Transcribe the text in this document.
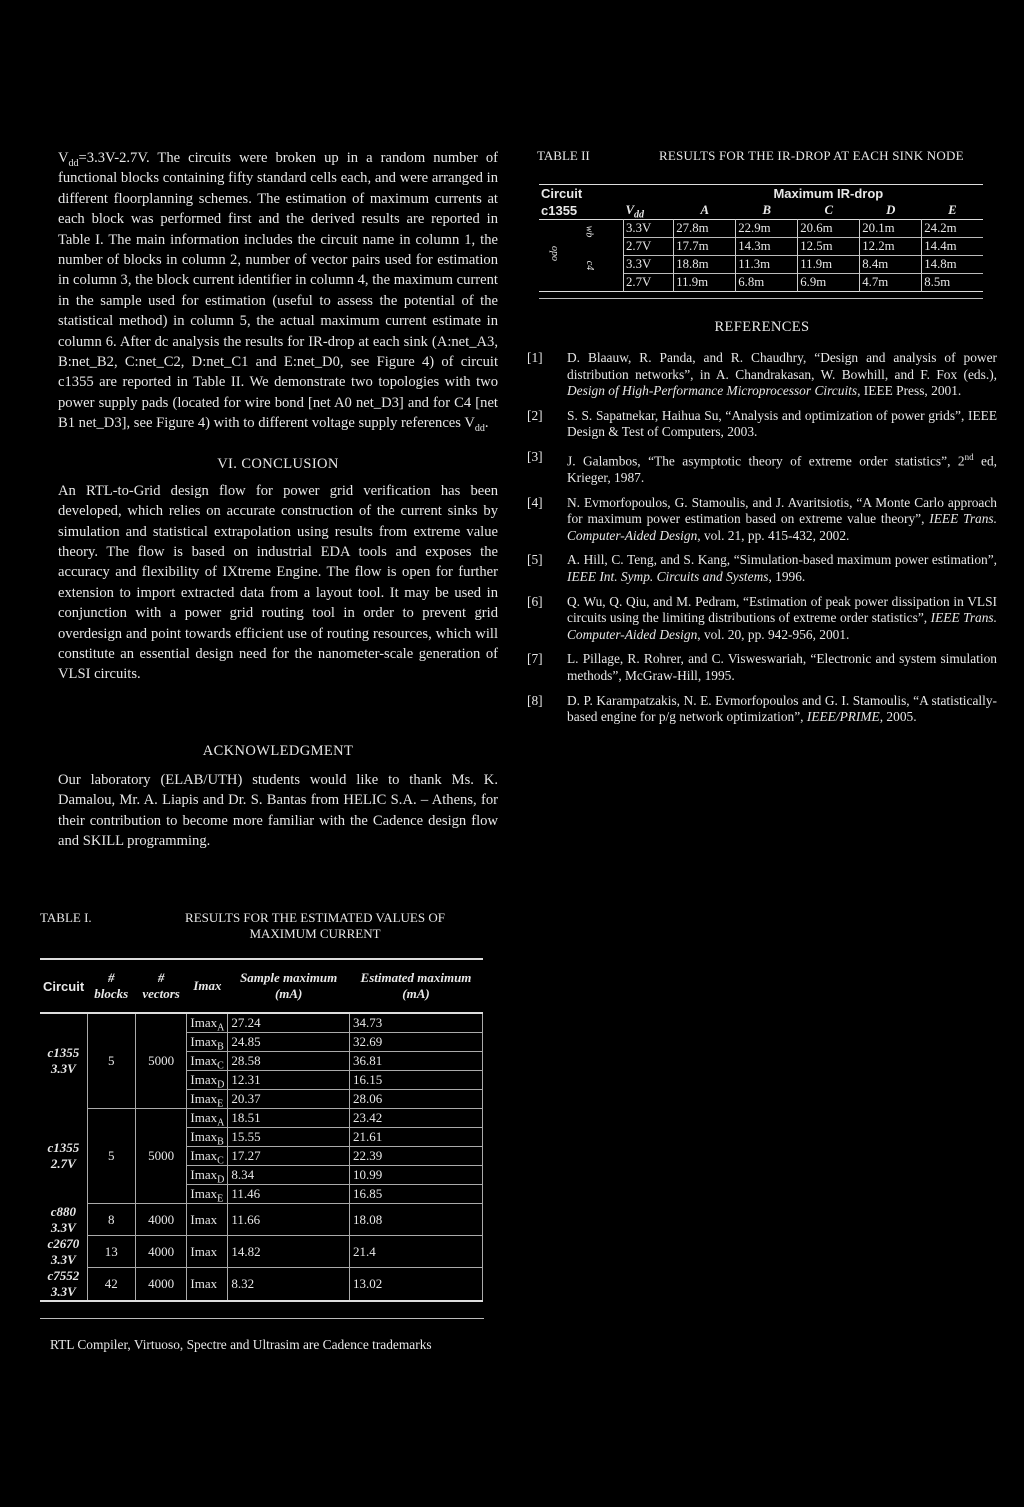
$V_{dd}=3.3V-2.7V$. The circuits were broken up in a random number of functional blocks containing fifty standard cells each, and were arranged in different floorplanning schemes. The estimation of maximum currents at each block was performed first and the derived results are reported in Table I. The main information includes the circuit name in column 1, the number of blocks in column 2, number of vector pairs used for estimation in column 3, the block current identifier in column 4, the maximum current in the sample used for estimation (useful to assess the potential of the statistical method) in column 5, the actual maximum current estimate in column 6. After dc analysis the results for IR-drop at each sink (A:net_A3, B:net_B2, C:net_C2, D:net_C1 and E:net_D0, see Figure 4) of circuit c1355 are reported in Table II. We demonstrate two topologies with two power supply pads (located for wire bond [net A0 net_D3] and for C4 [net B1 net_D3], see Figure 4) with to different voltage supply references $V_{dd}$.

VI. CONCLUSION

An RTL-to-Grid design flow for power grid verification has been developed, which relies on accurate construction of the current sinks by simulation and statistical extrapolation using results from extreme value theory. The flow is based on industrial EDA tools and exposes the accuracy and flexibility of IXtreme Engine. The flow is open for further extension to import extracted data from a layout tool. It may be used in conjunction with a power grid routing tool in order to prevent grid overdesign and point towards efficient use of routing resources, which will constitute an essential design need for the nanometer-scale generation of VLSI circuits.

ACKNOWLEDGMENT

Our laboratory (ELAB/UTH) students would like to thank Ms. K. Damalou, Mr. A. Liapis and Dr. S. Bantas from HELIC S.A. – Athens, for their contribution to become more familiar with the Cadence design flow and SKILL programming.

TABLE II	RESULTS FOR THE IR-DROP AT EACH SINK NODE
Circuit		Maximum IR-drop				
c1355	$V_{dd}$	A	B	C	D	E

opo
wb
c4	3.3V	27.8m	22.9m	20.6m	20.1m	24.2m
	2.7V	17.7m	14.3m	12.5m	12.2m	14.4m
	3.3V	18.8m	11.3m	11.9m	8.4m	14.8m
	2.7V	11.9m	6.8m	6.9m	4.7m	8.5m

REFERENCES

[1]	D. Blaauw, R. Panda, and R. Chaudhry, “Design and analysis of power distribution networks”, in A. Chandrakasan, W. Bowhill, and F. Fox (eds.), Design of High-Performance Microprocessor Circuits, IEEE Press, 2001.
[2]	S. S. Sapatnekar, Haihua Su, “Analysis and optimization of power grids”, IEEE Design & Test of Computers, 2003.
[3]	J. Galambos, “The asymptotic theory of extreme order statistics”, 2nd ed, Krieger, 1987.
[4]	N. Evmorfopoulos, G. Stamoulis, and J. Avaritsiotis, “A Monte Carlo approach for maximum power estimation based on extreme value theory”, IEEE Trans. Computer-Aided Design, vol. 21, pp. 415-432, 2002.
[5]	A. Hill, C. Teng, and S. Kang, “Simulation-based maximum power estimation”, IEEE Int. Symp. Circuits and Systems, 1996.
[6]	Q. Wu, Q. Qiu, and M. Pedram, “Estimation of peak power dissipation in VLSI circuits using the limiting distributions of extreme order statistics”, IEEE Trans. Computer-Aided Design, vol. 20, pp. 942-956, 2001.
[7]	L. Pillage, R. Rohrer, and C. Visweswariah, “Electronic and system simulation methods”, McGraw-Hill, 1995.
[8]	D. P. Karampatzakis, N. E. Evmorfopoulos and G. I. Stamoulis, “A statistically-based engine for p/g network optimization”, IEEE/PRIME, 2005.
TABLE I.	RESULTS FOR THE ESTIMATED VALUES OF MAXIMUM CURRENT
Circuit	# blocks	# vectors	Imax	Sample maximum (mA)	Estimated maximum (mA)

c1355
3.3V	5	5000	Imax$_A$	27.24	34.73
			Imax$_B$	24.85	32.69
			Imax$_C$	28.58	36.81
			Imax$_D$	12.31	16.15
			Imax$_E$	20.37	28.06

c1355
2.7V	5	5000	Imax$_A$	18.51	23.42
			Imax$_B$	15.55	21.61
			Imax$_C$	17.27	22.39
			Imax$_D$	8.34	10.99
			Imax$_E$	11.46	16.85

c880
3.3V	8	4000	Imax	11.66	18.08

c2670
3.3V	13	4000	Imax	14.82	21.4

c7552
3.3V	42	4000	Imax	8.32	13.02
RTL Compiler, Virtuoso, Spectre and Ultrasim are Cadence trademarks
